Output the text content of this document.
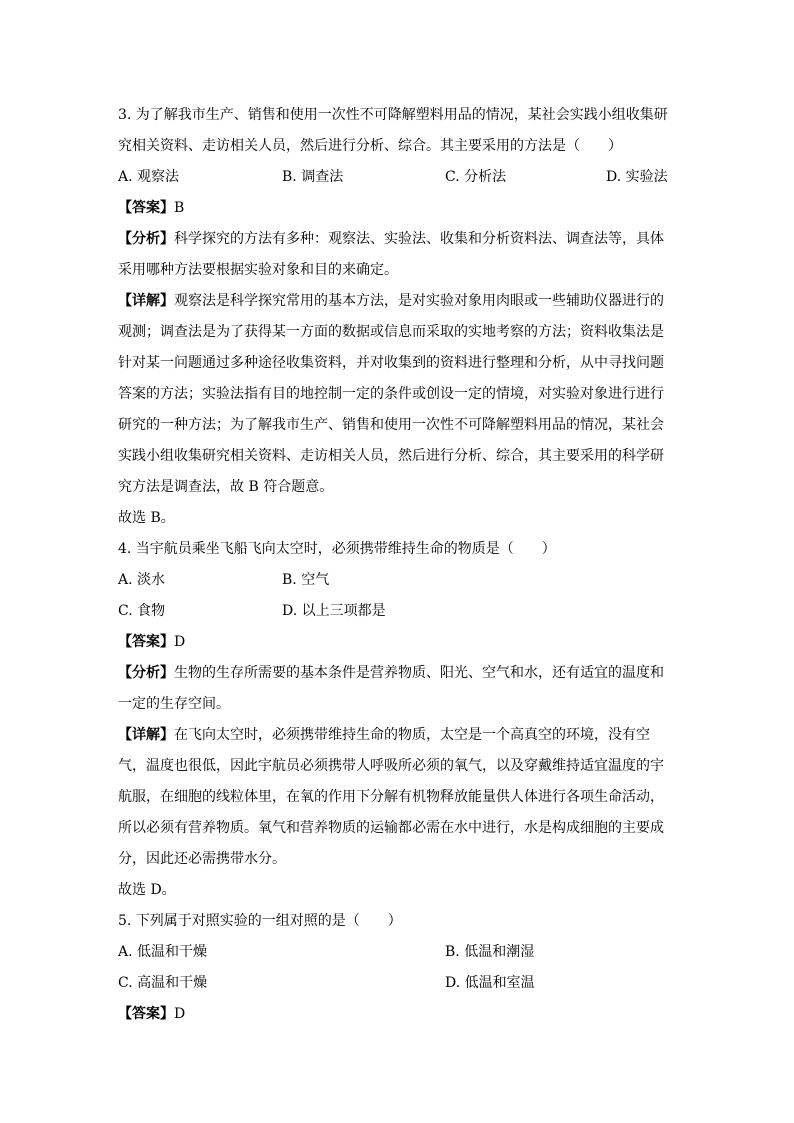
3. 为了解我市生产、销售和使用一次性不可降解塑料用品的情况，某社会实践小组收集研
究相关资料、走访相关人员，然后进行分析、综合。其主要采用的方法是（　　）
A. 观察法	B. 调查法	C. 分析法	D. 实验法
【答案】B
【分析】科学探究的方法有多种：观察法、实验法、收集和分析资料法、调查法等，具体
采用哪种方法要根据实验对象和目的来确定。
【详解】观察法是科学探究常用的基本方法，是对实验对象用肉眼或一些辅助仪器进行的
观测；调查法是为了获得某一方面的数据或信息而采取的实地考察的方法；资料收集法是
针对某一问题通过多种途径收集资料，并对收集到的资料进行整理和分析，从中寻找问题
答案的方法；实验法指有目的地控制一定的条件或创设一定的情境，对实验对象进行进行
研究的一种方法；为了解我市生产、销售和使用一次性不可降解塑料用品的情况，某社会
实践小组收集研究相关资料、走访相关人员，然后进行分析、综合，其主要采用的科学研
究方法是调查法，故 B 符合题意。
故选 B。
4. 当宇航员乘坐飞船飞向太空时，必须携带维持生命的物质是（　　）
A. 淡水	B. 空气
C. 食物	D. 以上三项都是
【答案】D
【分析】生物的生存所需要的基本条件是营养物质、阳光、空气和水，还有适宜的温度和
一定的生存空间。
【详解】在飞向太空时，必须携带维持生命的物质，太空是一个高真空的环境，没有空
气，温度也很低，因此宇航员必须携带人呼吸所必须的氧气，以及穿戴维持适宜温度的宇
航服，在细胞的线粒体里，在氧的作用下分解有机物释放能量供人体进行各项生命活动，
所以必须有营养物质。氧气和营养物质的运输都必需在水中进行，水是构成细胞的主要成
分，因此还必需携带水分。
故选 D。
5. 下列属于对照实验的一组对照的是（　　）
A. 低温和干燥	B. 低温和潮湿
C. 高温和干燥	D. 低温和室温
【答案】D
